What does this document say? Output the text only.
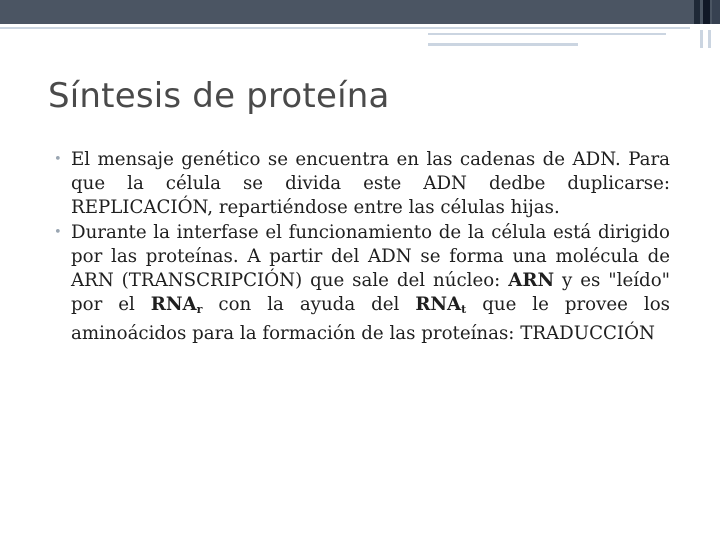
Síntesis de proteína
• El mensaje genético se encuentra en las cadenas de ADN. Para que la célula se divida este ADN dedbe duplicarse: REPLICACIÓN, repartiéndose entre las células hijas.
• Durante la interfase el funcionamiento de la célula está dirigido por las proteínas. A partir del ADN se forma una molécula de ARN (TRANSCRIPCIÓN) que sale del núcleo: ARN y es "leído" por el $RNA_r$ con la ayuda del $RNA_t$ que le provee los aminoácidos para la formación de las proteínas: TRADUCCIÓN
